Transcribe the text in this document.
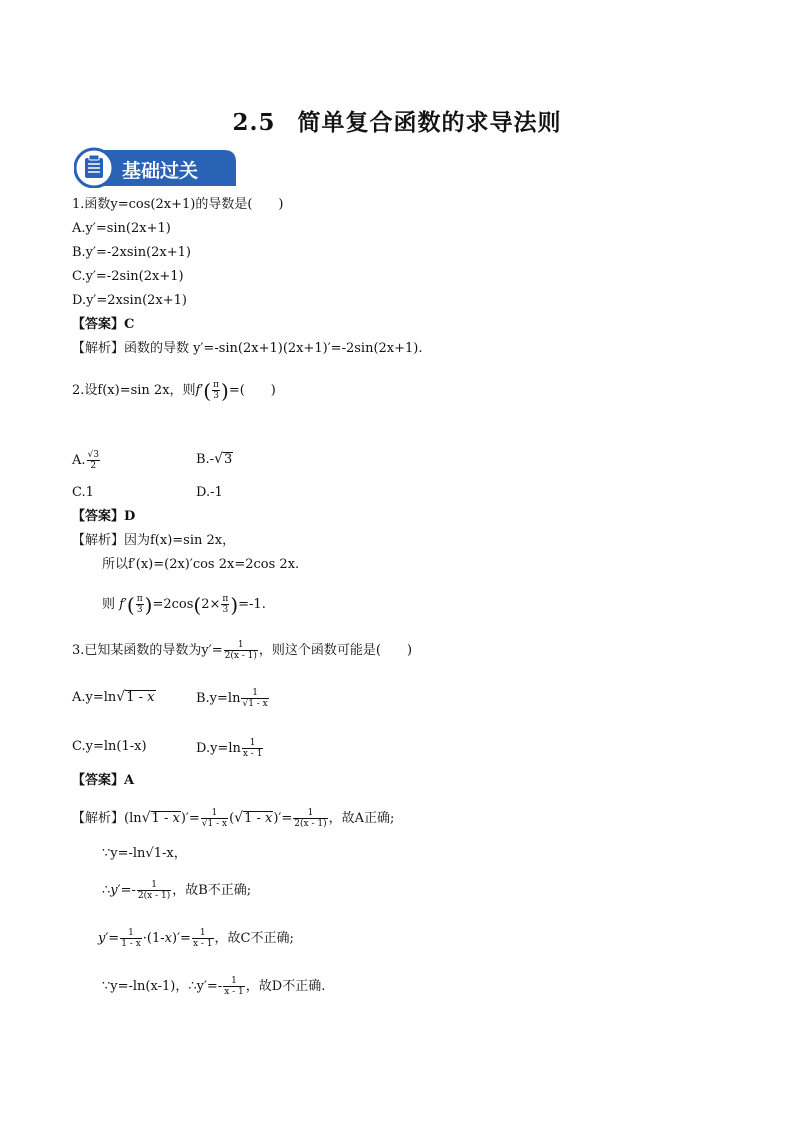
2.5 简单复合函数的求导法则
基础过关
1.函数y=cos(2x+1)的导数是(　　)
A.y′=sin(2x+1)
B.y′=-2xsin(2x+1)
C.y′=-2sin(2x+1)
D.y′=2xsin(2x+1)
【答案】C
【解析】函数的导数 y′=-sin(2x+1)(2x+1)′=-2sin(2x+1).
2.设f(x)=sin 2x，则$f'( \frac{\pi}{3}$ )=(　　)
A. $\frac{√3}{2}$	B.-√3
C.1	D.-1
【答案】D
【解析】因为f(x)=sin 2x，
所以f′(x)=(2x)′cos 2x=2cos 2x.
则 $f'( \frac{\pi}{3} )=2\cos(2\times \frac{\pi}{3} )=-1$.
3.已知某函数的导数为$y'= \frac{1}{2(x - 1)}$ ，则这个函数可能是(　　)
A.y=ln√1 - x	$B.y=\ln \frac{1}{√1 - x}$
C.y=ln(1-x)	$D.y=\ln \frac{1}{x - 1}$
【答案】A
【解析】$(\ln√1 - x)'= \frac{1}{√1 - x} (√1 - x)'= \frac{1}{2(x - 1)}$ ，故A正确;
∵y=-ln√1-x，
∴y′=- $\frac{1}{2(x - 1)}$ ，故B不正确;
$y'= \frac{1}{1 - x} \cdot(1-x)'= \frac{1}{x - 1}$ ，故C不正确;
∵y=-ln(x-1)，∴y′=- $\frac{1}{x - 1}$ ，故D不正确.
